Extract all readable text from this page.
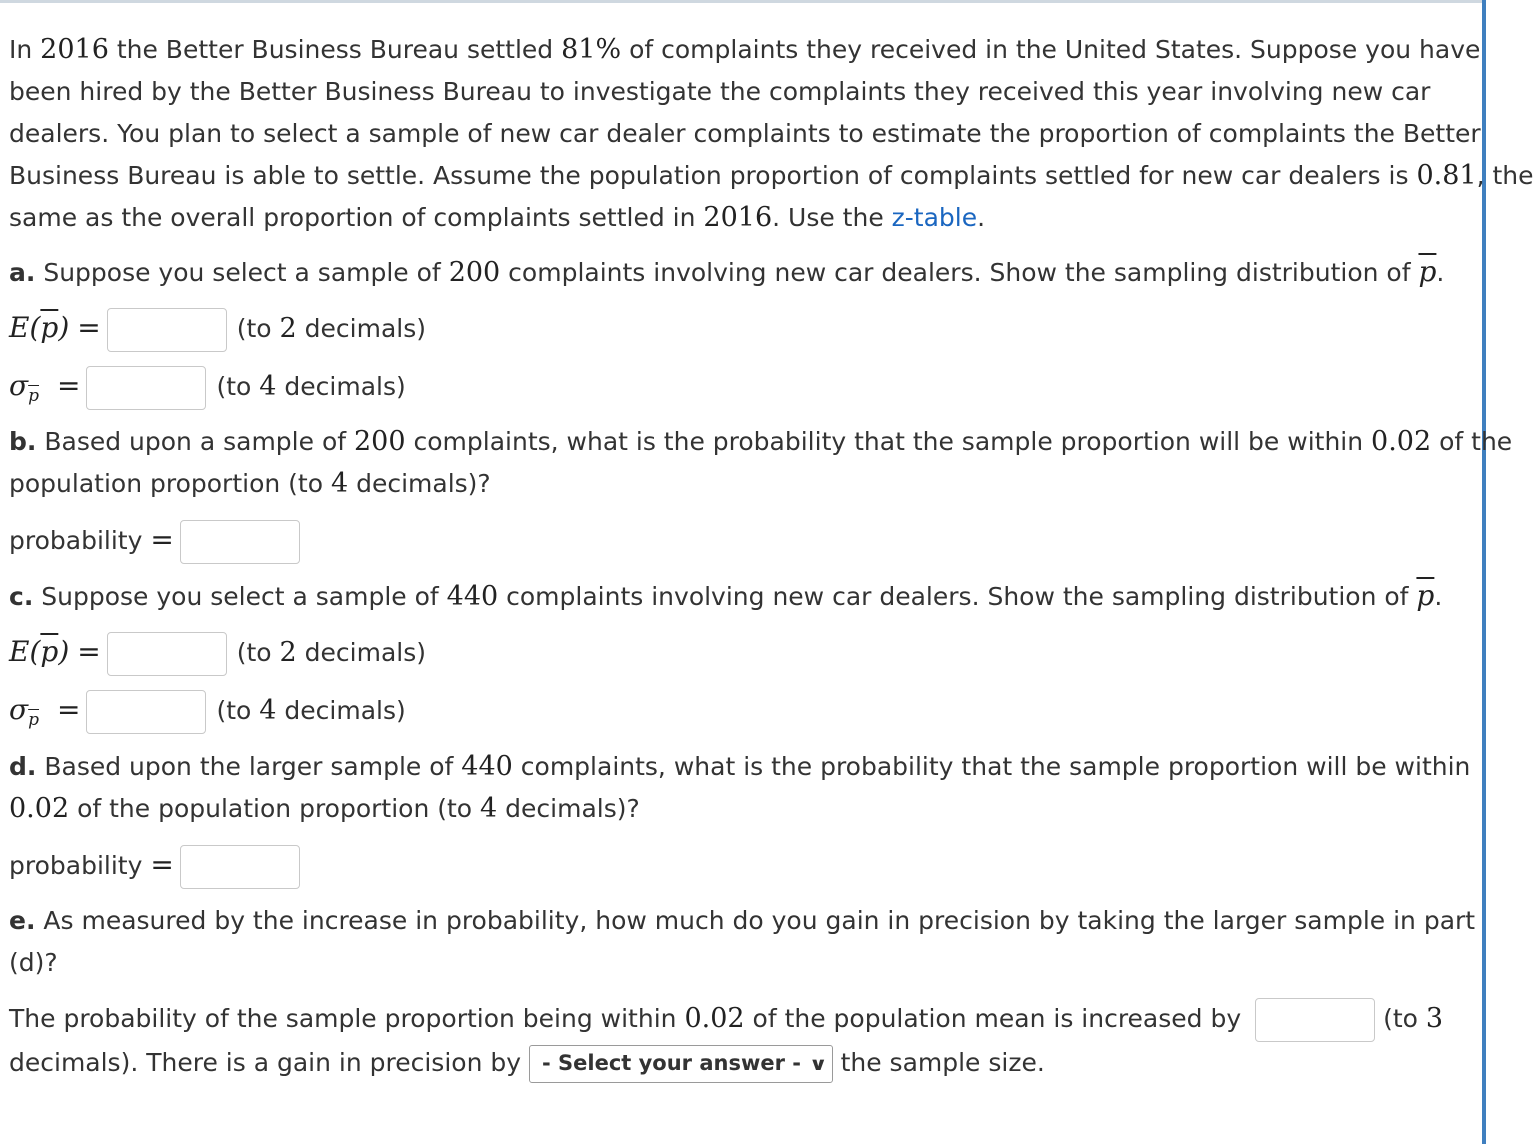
In 2016 the Better Business Bureau settled 81% of complaints they received in the United States. Suppose you have
been hired by the Better Business Bureau to investigate the complaints they received this year involving new car
dealers. You plan to select a sample of new car dealer complaints to estimate the proportion of complaints the Better
Business Bureau is able to settle. Assume the population proportion of complaints settled for new car dealers is 0.81, the
same as the overall proportion of complaints settled in 2016. Use the z-table.
a. Suppose you select a sample of 200 complaints involving new car dealers. Show the sampling distribution of $\overline{p}$.
$E(\overline{p})$ =	(to 2 decimals)
$\sigma_{\overline{p}}$ =	(to 4 decimals)
b. Based upon a sample of 200 complaints, what is the probability that the sample proportion will be within 0.02 of the
population proportion (to 4 decimals)?
probability =
c. Suppose you select a sample of 440 complaints involving new car dealers. Show the sampling distribution of $\overline{p}$.
$E(\overline{p})$ =	(to 2 decimals)
$\sigma_{\overline{p}}$ =	(to 4 decimals)
d. Based upon the larger sample of 440 complaints, what is the probability that the sample proportion will be within
0.02 of the population proportion (to 4 decimals)?
probability =
e. As measured by the increase in probability, how much do you gain in precision by taking the larger sample in part
(d)?
The probability of the sample proportion being within 0.02 of the population mean is increased by	(to 3
decimals). There is a gain in precision by - Select your answer - ∨ the sample size.
